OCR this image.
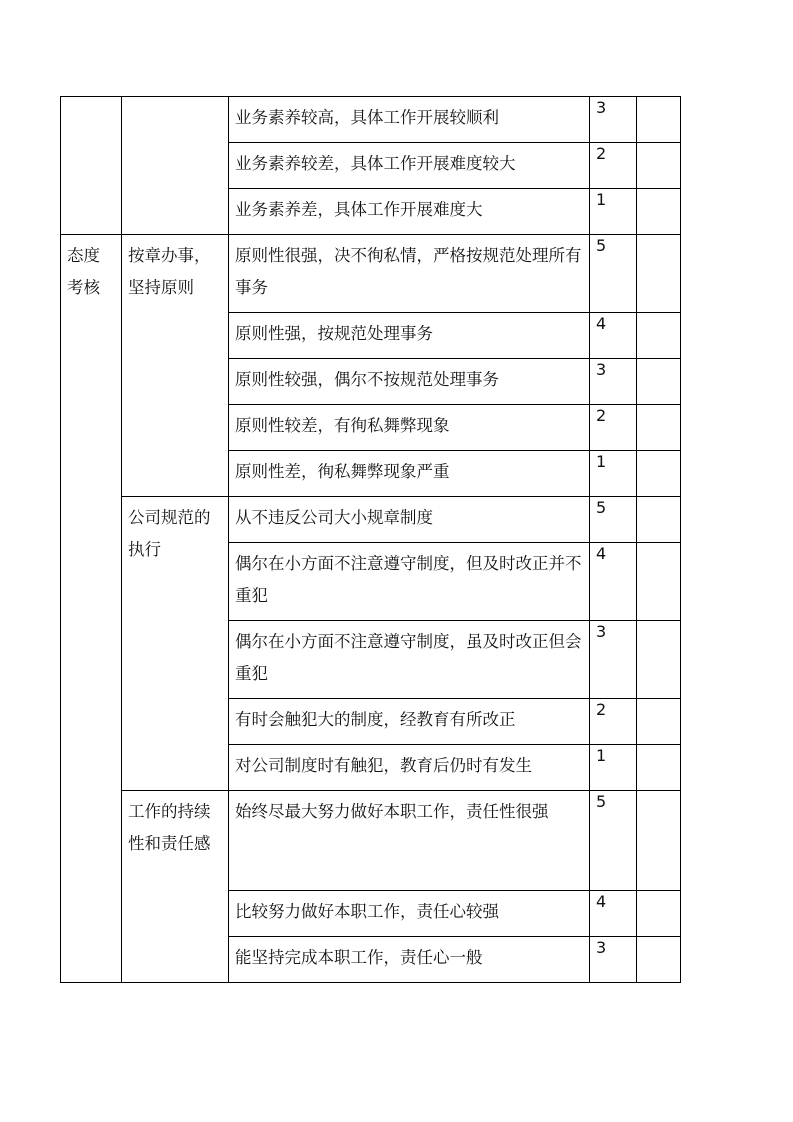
		业务素养较高，具体工作开展较顺利	3	
		业务素养较差，具体工作开展难度较大	2	
		业务素养差，具体工作开展难度大	1	
态度考核	按章办事，坚持原则	原则性很强，决不徇私情，严格按规范处理所有事务	5	
		原则性强，按规范处理事务	4	
		原则性较强，偶尔不按规范处理事务	3	
		原则性较差，有徇私舞弊现象	2	
		原则性差，徇私舞弊现象严重	1	
	公司规范的执行	从不违反公司大小规章制度	5	
		偶尔在小方面不注意遵守制度，但及时改正并不重犯	4	
		偶尔在小方面不注意遵守制度，虽及时改正但会重犯	3	
		有时会触犯大的制度，经教育有所改正	2	
		对公司制度时有触犯，教育后仍时有发生	1	
	工作的持续性和责任感	始终尽最大努力做好本职工作，责任性很强	5	
		比较努力做好本职工作，责任心较强	4	
		能坚持完成本职工作，责任心一般	3	
